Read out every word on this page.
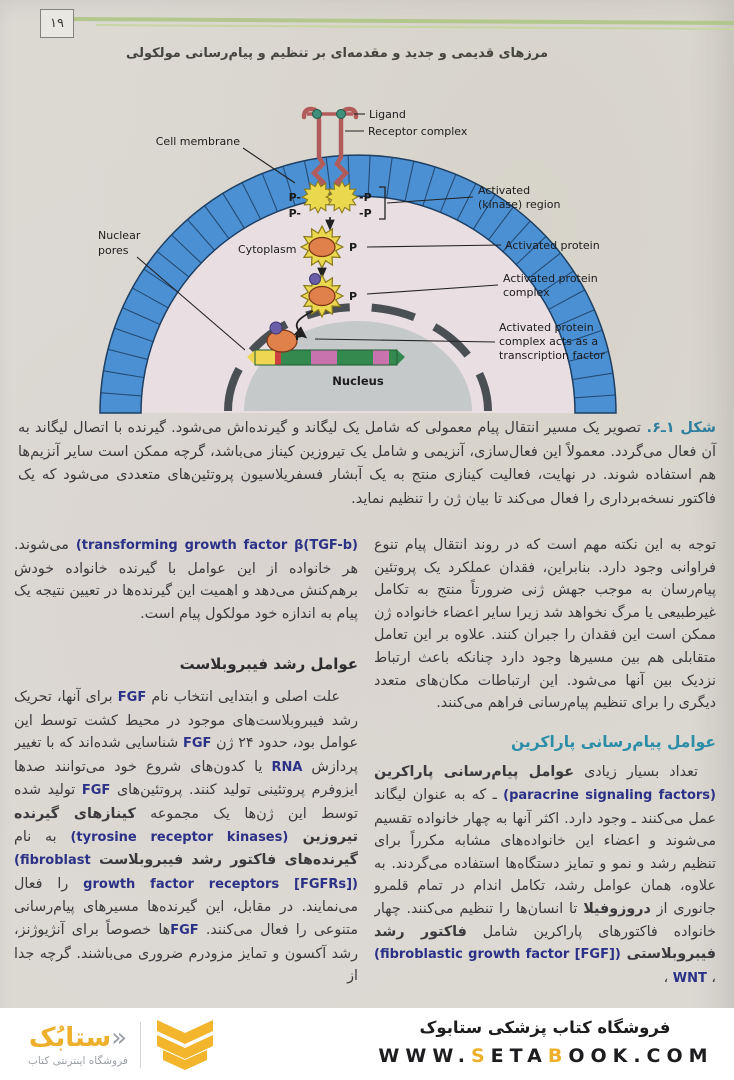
١٩
مرزهای قدیمی و جدید و مقدمه‌ای بر تنظیم و پیام‌رسانی مولکولی
P
P-
P-
-P
-P
P
P
Ligand
Receptor complex
Cell membrane
Activated
(kinase) region
Cytoplasm
Nuclear
pores	Activated protein
Activated protein
complex
Activated protein
complex acts as a
transcription factor
Nucleus
شکل ۱ـ۶. تصویر یک مسیر انتقال پیام معمولی که شامل یک لیگاند و گیرنده‌اش می‌شود. گیرنده با اتصال لیگاند به آن فعال می‌گردد. معمولاً این فعال‌سازی، آنزیمی و شامل یک تیروزین کیناز می‌باشد، گرچه ممکن است سایر آنزیم‌ها هم استفاده شوند. در نهایت، فعالیت کینازی منتج به یک آبشار فسفریلاسیون پروتئین‌های متعددی می‌شود که یک فاکتور نسخه‌برداری را فعال می‌کند تا بیان ژن را تنظیم نماید.

(transforming growth factor β(TGF-b) می‌شوند. هر خانواده از این عوامل با گیرنده خانواده خودش برهم‌کنش می‌دهد و اهمیت این گیرنده‌ها در تعیین نتیجه یک پیام به اندازه خود مولکول پیام است.

عوامل رشد فیبروبلاست

علت اصلی و ابتدایی انتخاب نام FGF برای آنها، تحریک رشد فیبروبلاست‌های موجود در محیط کشت توسط این عوامل بود، حدود ۲۴ ژن FGF شناسایی شده‌اند که با تغییر پردازش RNA یا کدون‌های شروع خود می‌توانند صدها ایزوفرم پروتئینی تولید کنند. پروتئین‌های FGF تولید شده توسط این ژن‌ها یک مجموعه کینازهای گیرنده تیروزین (tyrosine receptor kinases) به نام گیرنده‌های فاکتور رشد فیبروبلاست (fibroblast growth factor receptors [FGFRs]) را فعال می‌نمایند. در مقابل، این گیرنده‌ها مسیرهای پیام‌رسانی متنوعی را فعال می‌کنند. FGFها خصوصاً برای آنژیوژنز، رشد آکسون و تمایز مزودرم ضروری می‌باشند. گرچه جدا از

توجه به این نکته مهم است که در روند انتقال پیام تنوع فراوانی وجود دارد. بنابراین، فقدان عملکرد یک پروتئین پیام‌رسان به موجب جهش ژنی ضرورتاً منتج به تکامل غیرطبیعی یا مرگ نخواهد شد زیرا سایر اعضاء خانواده ژن ممکن است این فقدان را جبران کنند. علاوه بر این تعامل متقابلی هم بین مسیرها وجود دارد چنانکه باعث ارتباط نزدیک بین آنها می‌شود. این ارتباطات مکان‌های متعدد دیگری را برای تنظیم پیام‌رسانی فراهم می‌کنند.

عوامل پیام‌رسانی پاراکرین

تعداد بسیار زیادی عوامل پیام‌رسانی پاراکرین (paracrine signaling factors) ـ که به عنوان لیگاند عمل می‌کنند ـ وجود دارد. اکثر آنها به چهار خانواده تقسیم می‌شوند و اعضاء این خانواده‌های مشابه مکرراً برای تنظیم رشد و نمو و تمایز دستگاه‌ها استفاده می‌گردند. به علاوه، همان عوامل رشد، تکامل اندام در تمام قلمرو جانوری از دروزوفیلا تا انسان‌ها را تنظیم می‌کنند. چهار خانواده فاکتورهای پاراکرین شامل فاکتور رشد فیبروبلاستی (fibroblastic growth factor [FGF]) ، WNT ،

فروشگاه کتاب پزشکی ستابوک
WWW.SETABOOK.COM
«ستابُک
فروشگاه اینترنتی کتاب
